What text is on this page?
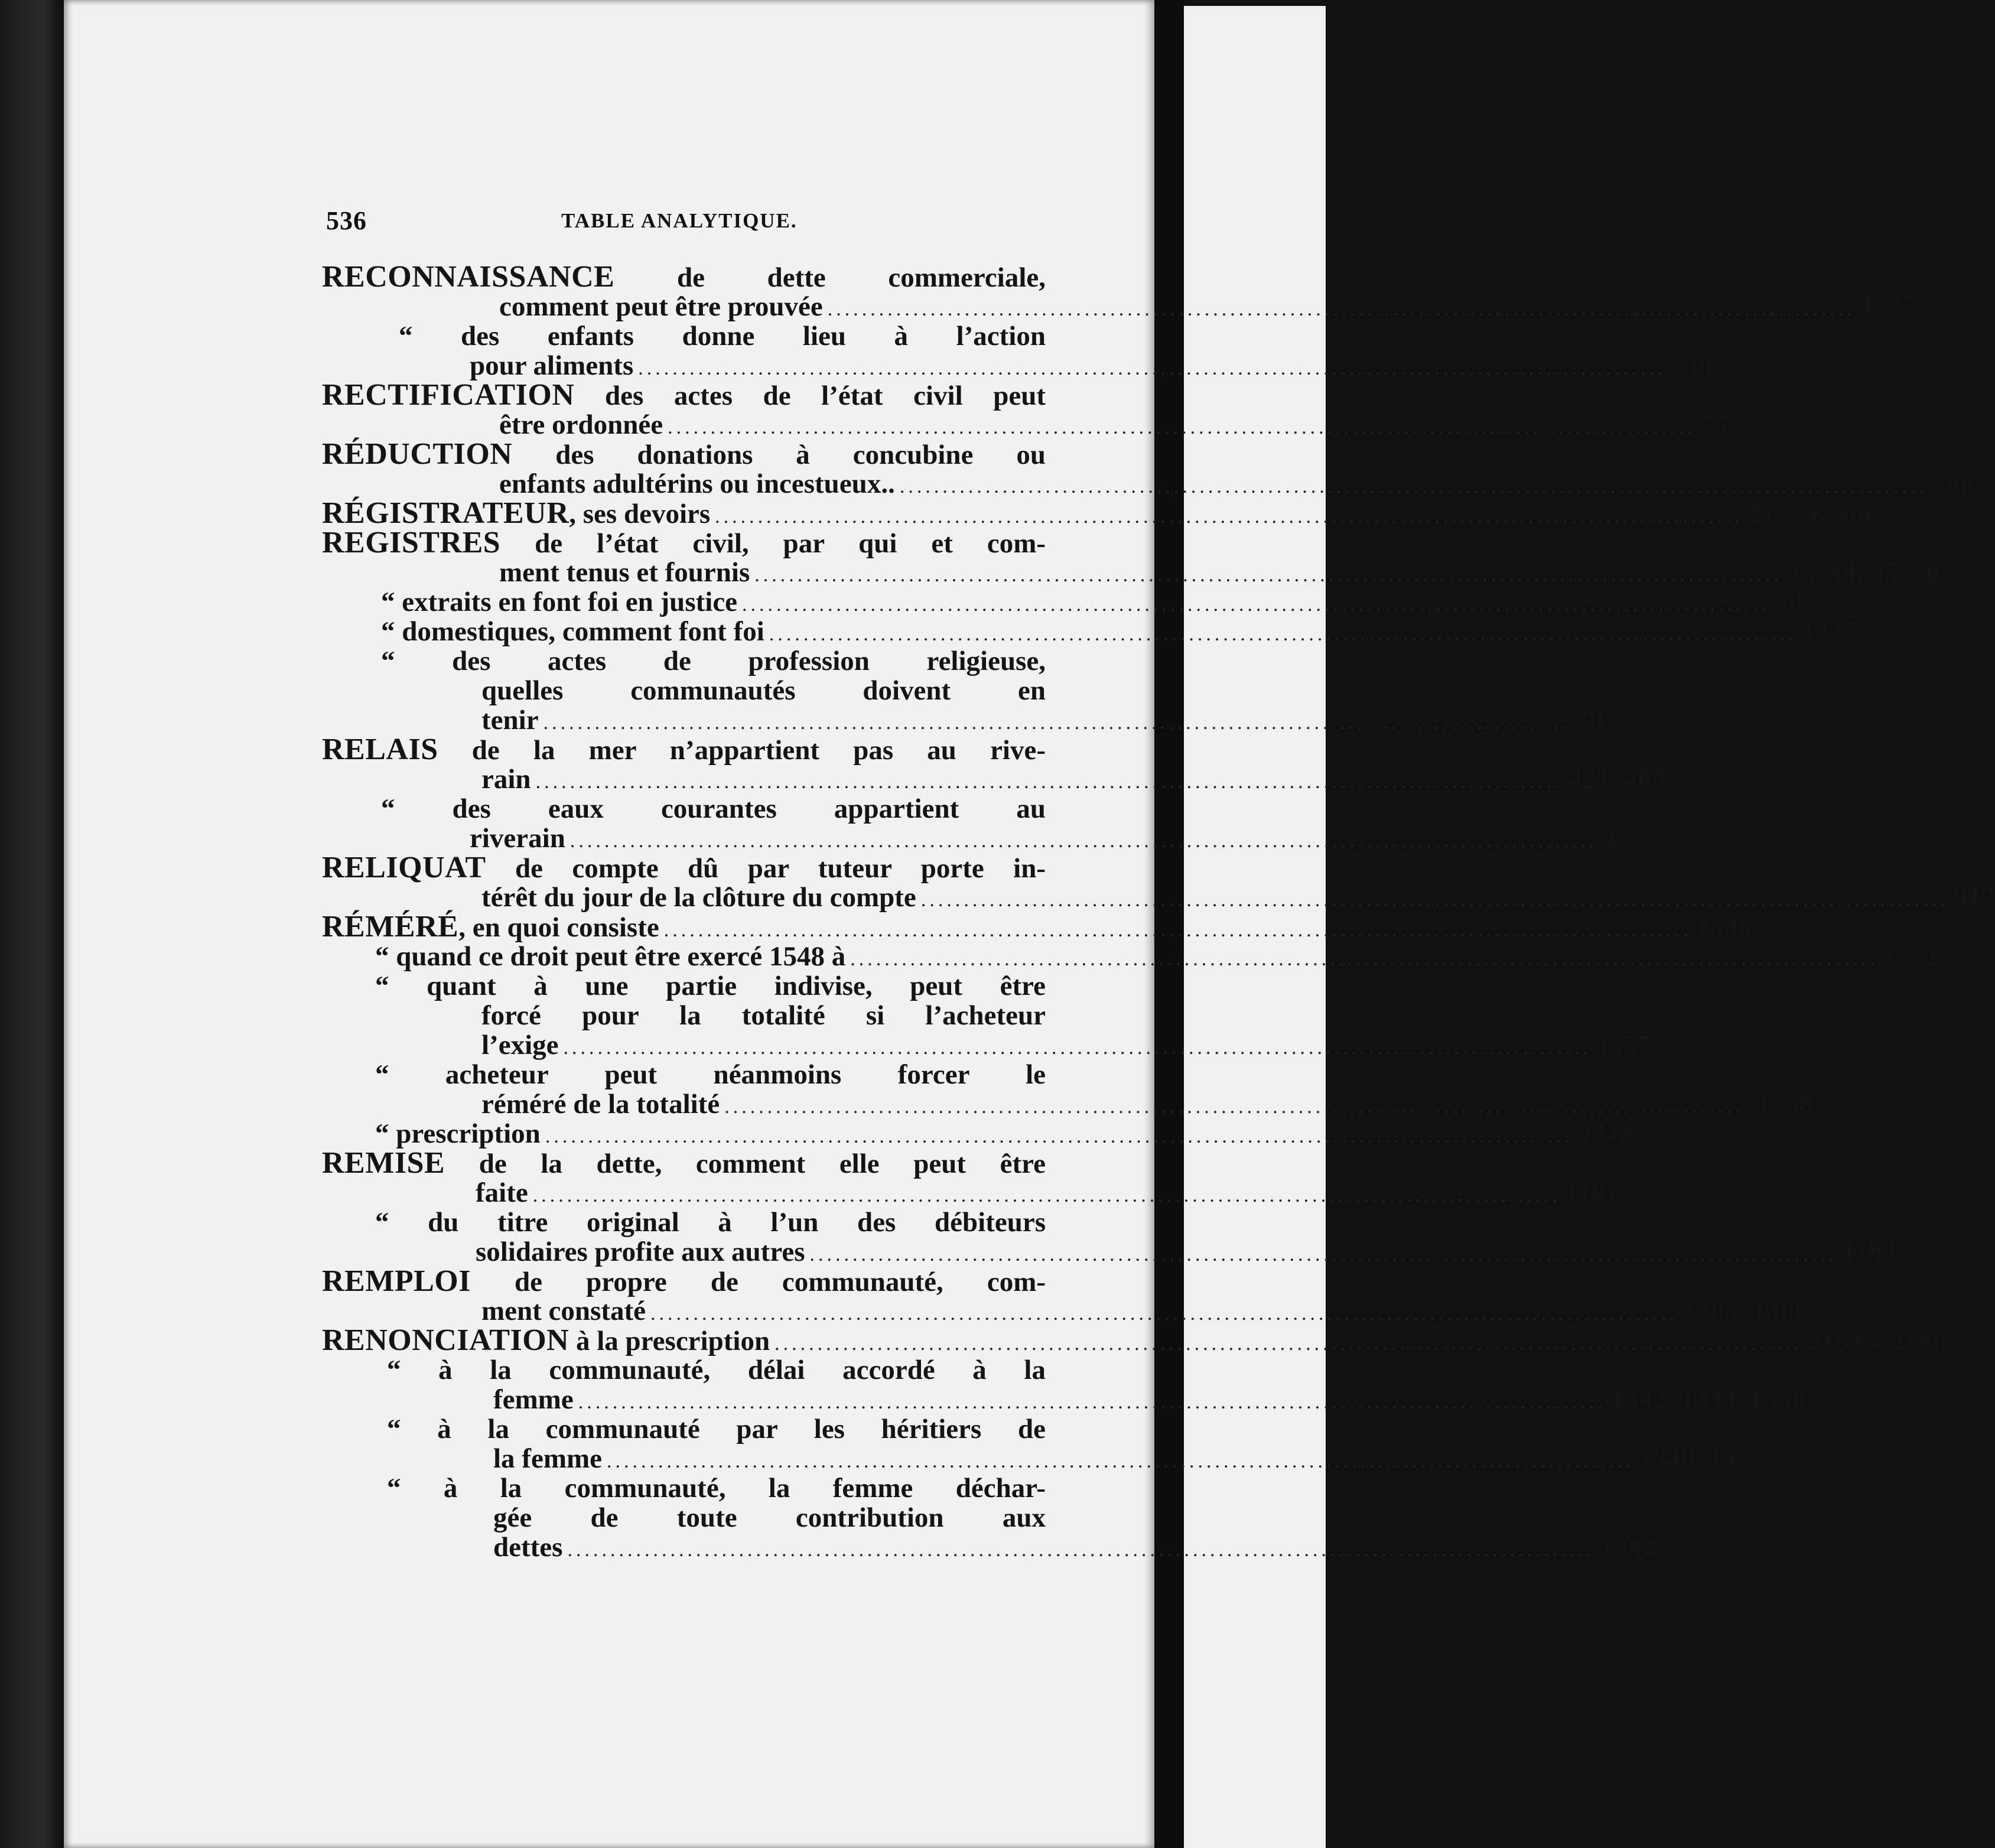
536	TABLE ANALYTIQUE.
RECONNAISSANCE de dette commerciale,
comment peut être prouvée ........................................................................................................................ 1235
“ des enfants donne lieu à l’action
pour aliments ........................................................................................................................ 240
RECTIFICATION des actes de l’état civil peut
être ordonnée ........................................................................................................................ 75
RÉDUCTION des donations à concubine ou
enfants adultérins ou incestueux.. ........................................................................................................................ 768
RÉGISTRATEUR, ses devoirs ........................................................................................................................ 2177 et suiv.
REGISTRES de l’état civil, par qui et com-
ment tenus et fournis ........................................................................................................................ 43, 44, 45, 50
“ extraits en font foi en justice ........................................................................................................................ 50
“ domestiques, comment font foi ........................................................................................................................ 1227
“ des actes de profession religieuse,
quelles communautés doivent en
tenir ........................................................................................................................ 70
RELAIS de la mer n’appartient pas au rive-
rain ........................................................................................................................ 421, 400
“ des eaux courantes appartient au
riverain ........................................................................................................................ 421
RELIQUAT de compte dû par tuteur porte in-
térêt du jour de la clôture du compte ........................................................................................................................ 313
RÉMÉRÉ, en quoi consiste ........................................................................................................................ 1546
“ quand ce droit peut être exercé 1548 à ........................................................................................................................ 1552
“ quant à une partie indivise, peut être
forcé pour la totalité si l’acheteur
l’exige ........................................................................................................................ 1555
“ acheteur peut néanmoins forcer le
réméré de la totalité ........................................................................................................................ 1558
“ prescription ........................................................................................................................ 2248
REMISE de la dette, comment elle peut être
faite ........................................................................................................................ 1181
“ du titre original à l’un des débiteurs
solidaires profite aux autres ........................................................................................................................ 1183
REMPLOI de propre de communauté, com-
ment constaté ........................................................................................................................ 1305, 1306
RENONCIATION à la prescription ........................................................................................................................ 2184 à 2186
“ à la communauté, délai accordé à la
femme ........................................................................................................................ 1342, 1343, 1350
“ à la communauté par les héritiers de
la femme ........................................................................................................................ 1349, 1353
“ à la communauté, la femme déchar-
gée de toute contribution aux
dettes ........................................................................................................................ 1382
